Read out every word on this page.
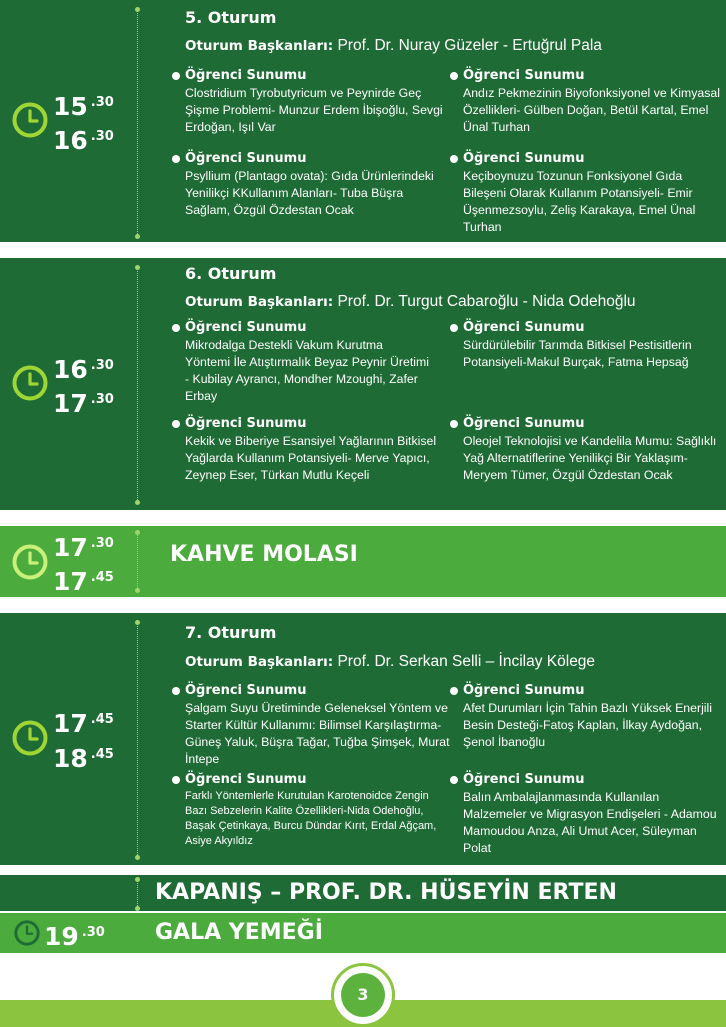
15 $^{.30}$
16 $^{.30}$
5. Oturum
Oturum Başkanları: Prof. Dr. Nuray Güzeler - Ertuğrul Pala
Öğrenci Sunumu
Clostridium Tyrobutyricum ve Peynirde Geç Şişme Problemi- Munzur Erdem İbişoğlu, Sevgi Erdoğan, Işıl Var
Öğrenci Sunumu
Andız Pekmezinin Biyofonksiyonel ve Kimyasal Özellikleri- Gülben Doğan, Betül Kartal, Emel Ünal Turhan
Öğrenci Sunumu
Psyllium (Plantago ovata): Gıda Ürünlerindeki Yenilikçi KKullanım Alanları- Tuba Büşra Sağlam, Özgül Özdestan Ocak
Öğrenci Sunumu
Keçiboynuzu Tozunun Fonksiyonel Gıda Bileşeni Olarak Kullanım Potansiyeli- Emir Üşenmezsoylu, Zeliş Karakaya, Emel Ünal Turhan
16 $^{.30}$
17 $^{.30}$
6. Oturum
Oturum Başkanları: Prof. Dr. Turgut Cabaroğlu - Nida Odehoğlu
Öğrenci Sunumu
Mikrodalga Destekli Vakum Kurutma Yöntemi İle Atıştırmalık Beyaz Peynir Üretimi - Kubilay Ayrancı, Mondher Mzoughi, Zafer Erbay
Öğrenci Sunumu
Sürdürülebilir Tarımda Bitkisel Pestisitlerin Potansiyeli-Makul Burçak, Fatma Hepsağ
Öğrenci Sunumu
Kekik ve Biberiye Esansiyel Yağlarının Bitkisel Yağlarda Kullanım Potansiyeli- Merve Yapıcı, Zeynep Eser, Türkan Mutlu Keçeli
Öğrenci Sunumu
Oleojel Teknolojisi ve Kandelila Mumu: Sağlıklı Yağ Alternatiflerine Yenilikçi Bir Yaklaşım-Meryem Tümer, Özgül Özdestan Ocak
17 $^{.30}$
17 $^{.45}$
KAHVE MOLASI
17 $^{.45}$
18 $^{.45}$
7. Oturum
Oturum Başkanları: Prof. Dr. Serkan Selli – İncilay Kölege
Öğrenci Sunumu
Şalgam Suyu Üretiminde Geleneksel Yöntem ve Starter Kültür Kullanımı: Bilimsel Karşılaştırma-Güneş Yaluk, Büşra Tağar, Tuğba Şimşek, Murat İntepe
Öğrenci Sunumu
Afet Durumları İçin Tahin Bazlı Yüksek Enerjili Besin Desteği-Fatoş Kaplan, İlkay Aydoğan, Şenol İbanoğlu
Öğrenci Sunumu
Farklı Yöntemlerle Kurutulan Karotenoidce Zengin Bazı Sebzelerin Kalite Özellikleri-Nida Odehoğlu, Başak Çetinkaya, Burcu Dündar Kırıt, Erdal Ağçam, Asiye Akyıldız
Öğrenci Sunumu
Balın Ambalajlanmasında Kullanılan Malzemeler ve Migrasyon Endişeleri - Adamou Mamoudou Anza, Ali Umut Acer, Süleyman Polat
KAPANIŞ – PROF. DR. HÜSEYİN ERTEN
19 $^{.30}$ GALA YEMEĞİ
3
